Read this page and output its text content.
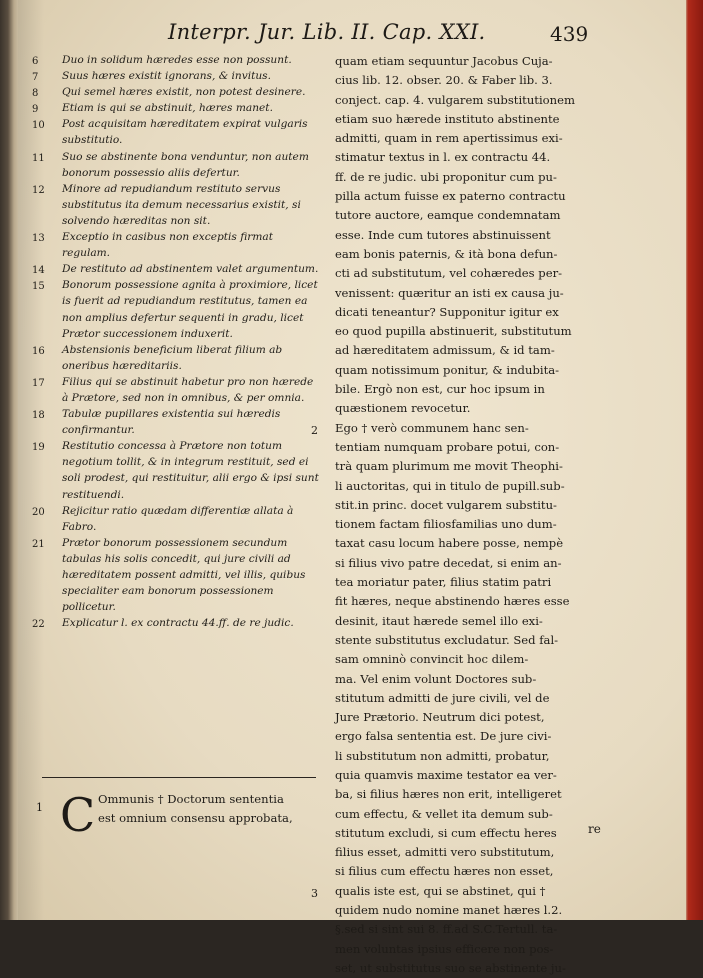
Interpr. Jur. Lib. II. Cap. XXI.	439

6	Duo in solidum hæredes esse non possunt.

7	Suus hæres existit ignorans, & invitus.

8	Qui semel hæres existit, non potest desinere.

9	Etiam is qui se abstinuit, hæres manet.

10	Post acquisitam hæreditatem expirat vulgaris substitutio.

11	Suo se abstinente bona venduntur, non autem bonorum possessio aliis defertur.

12	Minore ad repudiandum restituto servus substitutus ita demum necessarius existit, si solvendo hæreditas non sit.

13	Exceptio in casibus non exceptis firmat regulam.

14	De restituto ad abstinentem valet argumentum.

15	Bonorum possessione agnita à proximiore, licet is fuerit ad repudiandum restitutus, tamen ea non amplius defertur sequenti in gradu, licet Prætor successionem induxerit.

16	Abstensionis beneficium liberat filium ab oneribus hæreditariis.

17	Filius qui se abstinuit habetur pro non hærede à Prætore, sed non in omnibus, & per omnia.

18	Tabulæ pupillares existentia sui hæredis confirmantur.

19	Restitutio concessa à Prætore non totum negotium tollit, & in integrum restituit, sed ei soli prodest, qui restituitur, alii ergo & ipsi sunt restituendi.

20	Rejicitur ratio quædam differentiæ allata à Fabro.

21	Prætor bonorum possessionem secundum tabulas his solis concedit, qui jure civili ad hæreditatem possent admitti, vel illis, quibus specialiter eam bonorum possessionem pollicetur.

22	Explicatur l. ex contractu 44.ff. de re judic.

1 C Ommunis † Doctorum sententia
est omnium consensu approbata,
quam etiam sequuntur Jacobus Cuja-
cius lib. 12. obser. 20. & Faber lib. 3.
conject. cap. 4. vulgarem substitutionem
etiam suo hærede instituto abstinente
admitti, quam in rem apertissimus exi-
stimatur textus in l. ex contractu 44.
ff. de re judic. ubi proponitur cum pu-
pilla actum fuisse ex paterno contractu
tutore auctore, eamque condemnatam
esse. Inde cum tutores abstinuissent
eam bonis paternis, & ità bona defun-
cti ad substitutum, vel cohæredes per-
venissent: quæritur an isti ex causa ju-
dicati teneantur? Supponitur igitur ex
eo quod pupilla abstinuerit, substitutum
ad hæreditatem admissum, & id tam-
quam notissimum ponitur, & indubita-
bile. Ergò non est, cur hoc ipsum in
quæstionem revocetur.
2 Ego † verò communem hanc sen-
tentiam numquam probare potui, con-
trà quam plurimum me movit Theophi-
li auctoritas, qui in titulo de pupill.sub-
stit.in princ. docet vulgarem substitu-
tionem factam filiosfamilias uno dum-
taxat casu locum habere posse, nempè
si filius vivo patre decedat, si enim an-
tea moriatur pater, filius statim patri
fit hæres, neque abstinendo hæres esse
desinit, itaut hærede semel illo exi-
stente substitutus excludatur. Sed fal-
sam omninò convincit hoc dilem-
ma. Vel enim volunt Doctores sub-
stitutum admitti de jure civili, vel de
Jure Prætorio. Neutrum dici potest,
ergo falsa sententia est. De jure civi-
li substitutum non admitti, probatur,
quia quamvis maxime testator ea ver-
ba, si filius hæres non erit, intelligeret
cum effectu, & vellet ita demum sub-
stitutum excludi, si cum effectu heres
filius esset, admitti vero substitutum,
si filius cum effectu hæres non esset,
3 qualis iste est, qui se abstinet, qui †
quidem nudo nomine manet hæres l.2.
§.sed si sint sui 8. ff.ad S.C.Tertull. ta-
men voluntas ipsius efficere non pos-
set, ut substitutus suo se abstinente ju-
re
